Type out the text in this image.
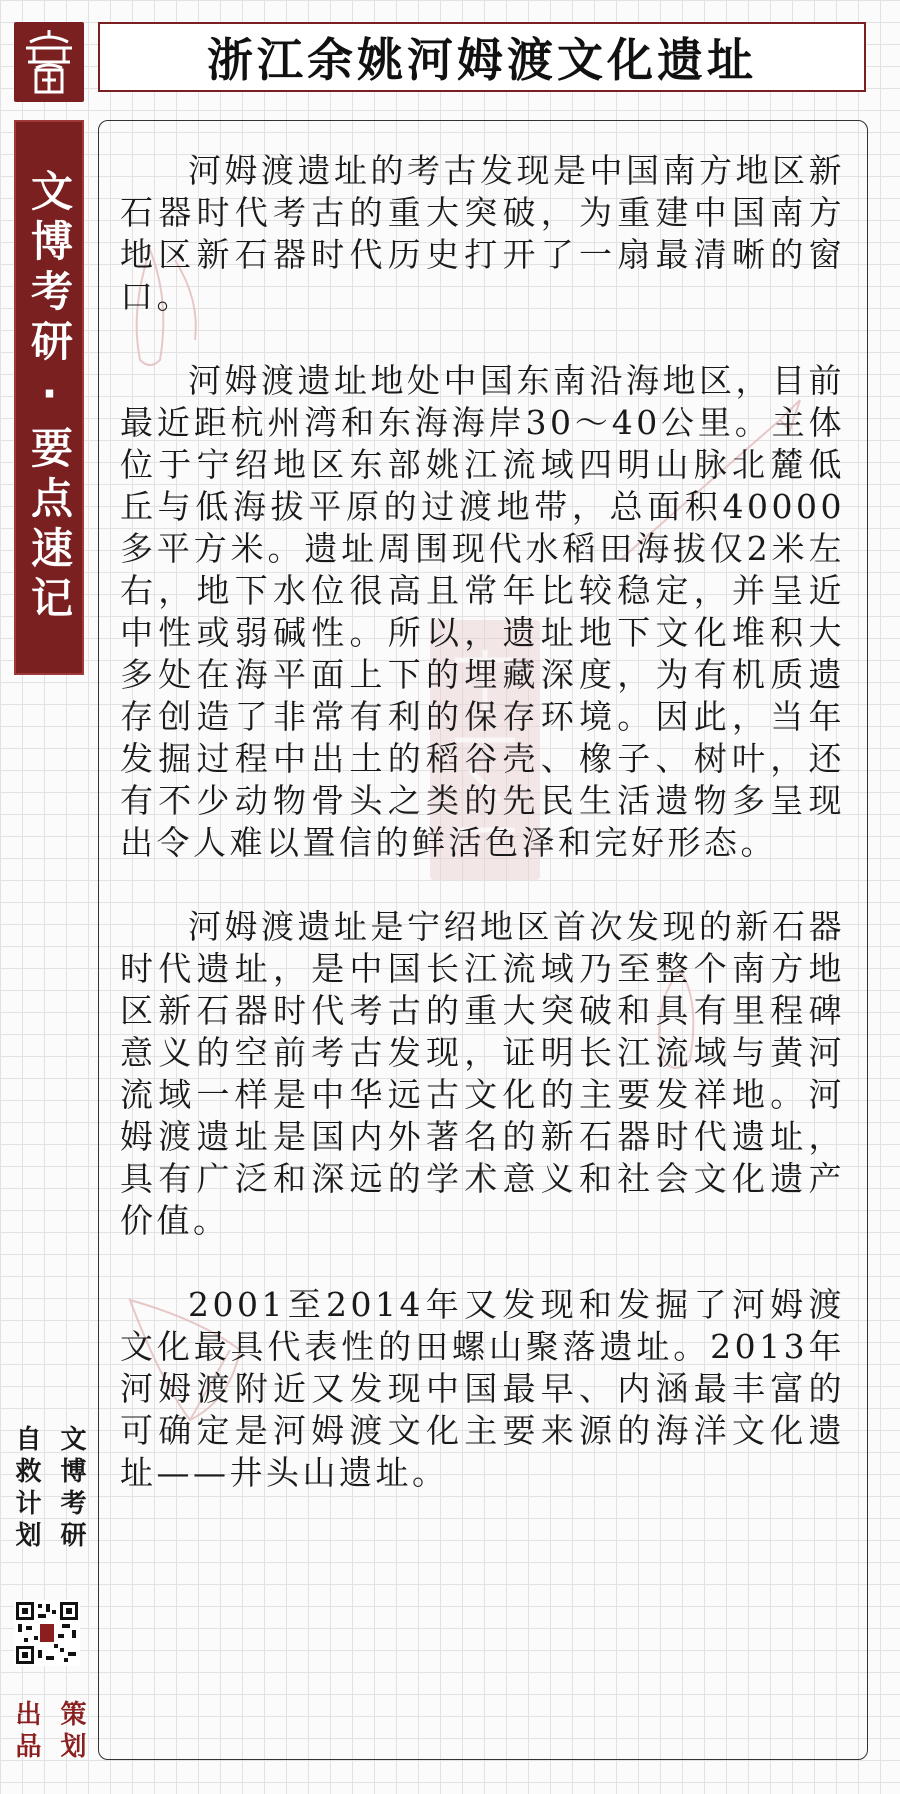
浙江余姚河姆渡文化遗址
文博考研·要点速记	河姆渡遗址的考古发现是中国南方地区新石器时代考古的重大突破，为重建中国南方地区新石器时代历史打开了一扇最清晰的窗口。

河姆渡遗址地处中国东南沿海地区，目前最近距杭州湾和东海海岸30～40公里。主体位于宁绍地区东部姚江流域四明山脉北麓低丘与低海拔平原的过渡地带，总面积40000多平方米。遗址周围现代水稻田海拔仅2米左右，地下水位很高且常年比较稳定，并呈近中性或弱碱性。所以，遗址地下文化堆积大多处在海平面上下的埋藏深度，为有机质遗存创造了非常有利的保存环境。因此，当年发掘过程中出土的稻谷壳、橡子、树叶，还有不少动物骨头之类的先民生活遗物多呈现出令人难以置信的鲜活色泽和完好形态。

河姆渡遗址是宁绍地区首次发现的新石器时代遗址，是中国长江流域乃至整个南方地区新石器时代考古的重大突破和具有里程碑意义的空前考古发现，证明长江流域与黄河流域一样是中华远古文化的主要发祥地。河姆渡遗址是国内外著名的新石器时代遗址，具有广泛和深远的学术意义和社会文化遗产价值。

2001至2014年又发现和发掘了河姆渡文化最具代表性的田螺山聚落遗址。2013年河姆渡附近又发现中国最早、内涵最丰富的可确定是河姆渡文化主要来源的海洋文化遗址——井头山遗址。

文博考研
自救计划
策划
出品
